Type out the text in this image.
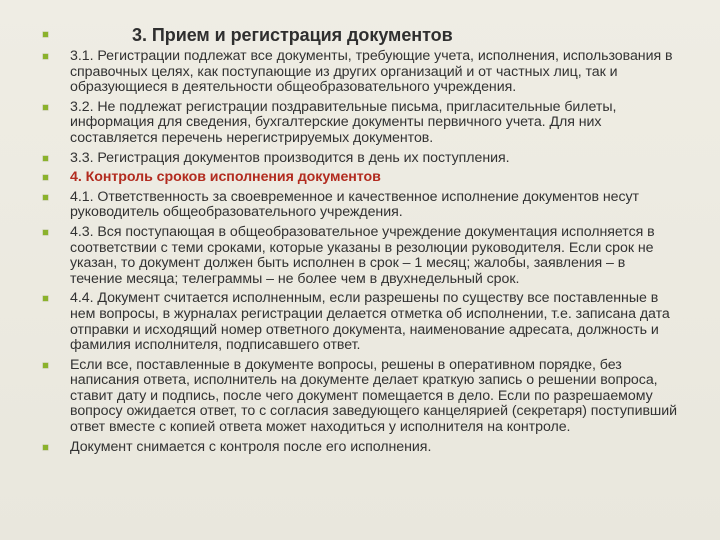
3. Прием и регистрация документов
3.1. Регистрации подлежат все документы, требующие учета, исполнения, использования в справочных целях, как поступающие из других организаций и от частных лиц, так и образующиеся в деятельности общеобразовательного учреждения.
3.2. Не подлежат регистрации поздравительные письма, пригласительные билеты, информация для сведения, бухгалтерские документы первичного учета. Для них составляется перечень нерегистрируемых документов.
3.3. Регистрация документов производится в день их поступления.
4. Контроль сроков исполнения документов
4.1. Ответственность за своевременное и качественное исполнение документов несут руководитель общеобразовательного учреждения.
4.3. Вся поступающая в общеобразовательное учреждение документация исполняется в соответствии с теми сроками, которые указаны в резолюции руководителя. Если срок не указан, то документ должен быть исполнен в срок – 1 месяц; жалобы, заявления – в течение месяца; телеграммы – не более чем в двухнедельный срок.
4.4. Документ считается исполненным, если разрешены по существу все поставленные в нем вопросы, в журналах регистрации делается отметка об исполнении, т.е. записана дата отправки и исходящий номер ответного документа, наименование адресата, должность и фамилия исполнителя, подписавшего ответ.
Если все, поставленные в документе вопросы, решены в оперативном порядке, без написания ответа, исполнитель на документе делает краткую запись о решении вопроса, ставит дату и подпись, после чего документ помещается в дело. Если по разрешаемому вопросу ожидается ответ, то с согласия заведующего канцелярией (секретаря) поступивший ответ вместе с копией ответа может находиться у исполнителя на контроле.
Документ снимается с контроля после его исполнения.
